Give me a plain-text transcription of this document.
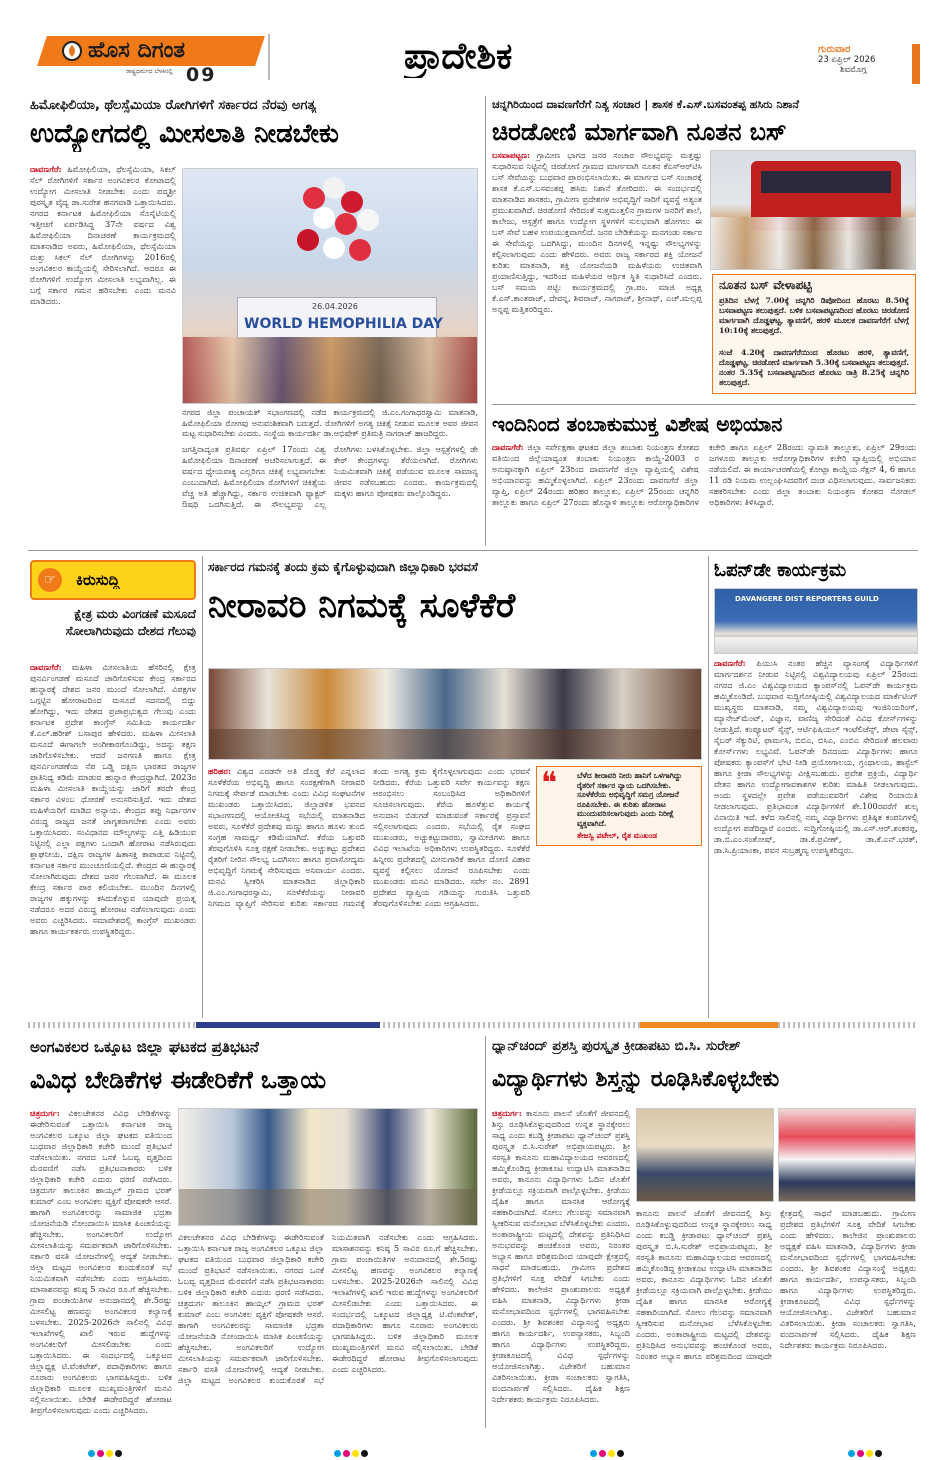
ಹೊಸ ದಿಗಂತ
ರಾಷ್ಟ್ರಧರ್ಮದ ಬೆಳಕಿನಲ್ಲಿ 09	ಪ್ರಾದೇಶಿಕ	ಗುರುವಾರ
23 ಏಪ್ರಿಲ್ 2026
ಶಿವಮೊಗ್ಗ
ಹಿಮೋಫಿಲಿಯಾ, ಥೆಲಸ್ಸೆಮಿಯಾ ರೋಗಿಗಳಿಗೆ ಸರ್ಕಾರದ ನೆರವು ಅಗತ್ಯ
ಉದ್ಯೋಗದಲ್ಲಿ ಮೀಸಲಾತಿ ನೀಡಬೇಕು
ದಾವಣಗೆರೆ: ಹಿಮೋಫಿಲಿಯಾ, ಥೆಲಸ್ಸೆಮಿಯಾ, ಸಿಕಲ್ ಸೆಲ್ ರೋಗಿಗಳಿಗೆ ಸರ್ಕಾರ ಅಂಗವಿಕಲರ ಕೋಟಾದಲ್ಲಿ ಉದ್ಯೋಗ ಮೀಸಲಾತಿ ನೀಡಬೇಕು ಎಂದು ಪದ್ಮಶ್ರೀ ಪುರಸ್ಕೃತ ವೈದ್ಯ ಡಾ.ಸುರೇಶ ಹನಗವಾಡಿ ಒತ್ತಾಯಿಸಿದರು. ನಗರದ ಕರ್ನಾಟಕ ಹಿಮೋಫಿಲಿಯಾ ಸೊಸೈಟಿಯಲ್ಲಿ ಇತ್ತೀಚಿಗೆ ಏರ್ಪಡಿಸಿದ್ದ 37ನೇ ವರ್ಷದ ವಿಶ್ವ ಹಿಮೋಫಿಲಿಯಾ ದಿನಾಚರಣೆ ಕಾರ್ಯಕ್ರಮದಲ್ಲಿ ಮಾತನಾಡಿದ ಅವರು, ಹಿಮೋಫಿಲಿಯಾ, ಥೆಲಸ್ಸೆಮಿಯಾ ಮತ್ತು ಸಿಕಲ್ ಸೆಲ್ ರೋಗಿಗಳನ್ನು 2016ರಲ್ಲಿ ಅಂಗವಿಕಲರ ಕಾಯ್ದೆಯಲ್ಲಿ ಸೇರಿಸಲಾಗಿದೆ. ಆದರೂ ಈ ರೋಗಿಗಳಿಗೆ ಉದ್ಯೋಗ ಮೀಸಲಾತಿ ಲಭ್ಯವಾಗಿಲ್ಲ. ಈ ಬಗ್ಗೆ ಸರ್ಕಾರ ಗಮನ ಹರಿಸಬೇಕು ಎಂದು ಮನವಿ ಮಾಡಿದರು.
26.04.2026
WORLD HEMOPHILIA DAY
ನಗರದ ಜಿಲ್ಲಾ ಪಂಚಾಯತ್ ಸಭಾಂಗಣದಲ್ಲಿ ನಡೆದ ಕಾರ್ಯಕ್ರಮದಲ್ಲಿ ಜಿ.ಎಂ.ಗಂಗಾಧರಸ್ವಾಮಿ ಮಾತನಾಡಿ, ಹಿಮೋಫಿಲಿಯಾ ರೋಗವು ಅನುವಂಶಿಕವಾಗಿ ಬರುತ್ತದೆ. ರೋಗಿಗಳಿಗೆ ಅಗತ್ಯ ಚಿಕಿತ್ಸೆ ನೀಡುವ ಮೂಲಕ ಅವರ ಜೀವನ ಮಟ್ಟ ಸುಧಾರಿಸಬೇಕು ಎಂದರು. ಸಂಸ್ಥೆಯ ಕಾರ್ಯದರ್ಶಿ ಡಾ.ಅಭಿಷೇಕ್ ಪ್ರತಿಮತ್ರಿ ನಾಗರಾಜ್ ಹಾಜರಿದ್ದರು.
ಜಗತ್ತಿನಾದ್ಯಂತ ಪ್ರತಿವರ್ಷ ಏಪ್ರಿಲ್ 17ರಂದು ವಿಶ್ವ ಹಿಮೋಫಿಲಿಯಾ ದಿನಾಚರಣೆ ಆಚರಿಸಲಾಗುತ್ತದೆ. ಈ ವರ್ಷದ ಧ್ಯೇಯವಾಕ್ಯ ಎಲ್ಲರಿಗೂ ಚಿಕಿತ್ಸೆ ಲಭ್ಯವಾಗಬೇಕು ಎಂಬುದಾಗಿದೆ. ಹಿಮೋಫಿಲಿಯಾ ರೋಗಿಗಳಿಗೆ ಚಿಕಿತ್ಸೆಯ ವೆಚ್ಚ ಅತಿ ಹೆಚ್ಚಾಗಿದ್ದು, ಸರ್ಕಾರ ಉಚಿತವಾಗಿ ಫ್ಯಾಕ್ಟರ್ ಔಷಧಿ ಒದಗಿಸುತ್ತಿದೆ. ಈ ಸೌಲಭ್ಯವನ್ನು ಎಲ್ಲ ರೋಗಿಗಳು ಬಳಸಿಕೊಳ್ಳಬೇಕು. ಜಿಲ್ಲಾ ಆಸ್ಪತ್ರೆಗಳಲ್ಲಿ ಡೇ ಕೇರ್ ಕೇಂದ್ರಗಳನ್ನು ತೆರೆಯಲಾಗಿದೆ. ರೋಗಿಗಳು ನಿಯಮಿತವಾಗಿ ಚಿಕಿತ್ಸೆ ಪಡೆಯುವ ಮೂಲಕ ಸಾಮಾನ್ಯ ಜೀವನ ನಡೆಸಬಹುದು ಎಂದರು. ಕಾರ್ಯಕ್ರಮದಲ್ಲಿ ಮಕ್ಕಳು ಹಾಗೂ ಪೋಷಕರು ಪಾಲ್ಗೊಂಡಿದ್ದರು.
ಚನ್ನಗಿರಿಯಿಂದ ದಾವಣಗೆರೆಗೆ ನಿತ್ಯ ಸಂಚಾರ | ಶಾಸಕ ಕೆ.ಎಸ್.ಬಸವಂತಪ್ಪ ಹಸಿರು ನಿಶಾನೆ
ಚಿರಡೋಣಿ ಮಾರ್ಗವಾಗಿ ನೂತನ ಬಸ್
ಬಸವಾಪಟ್ಟಣ: ಗ್ರಾಮೀಣ ಭಾಗದ ಜನರ ಸಂಚಾರ ಸೌಲಭ್ಯವನ್ನು ಮತ್ತಷ್ಟು ಸುಧಾರಿಸುವ ನಿಟ್ಟಿನಲ್ಲಿ ಚಿರಡೋಣಿ ಗ್ರಾಮದ ಮಾರ್ಗವಾಗಿ ನೂತನ ಕೆಎಸ್ಆರ್‌ಟಿಸಿ ಬಸ್ ಸೇವೆಯನ್ನು ಬುಧವಾರ ಪ್ರಾರಂಭಿಸಲಾಯಿತು. ಈ ಮಾರ್ಗದ ಬಸ್ ಸಂಚಾರಕ್ಕೆ ಶಾಸಕ ಕೆ.ಎಸ್.ಬಸವಂತಪ್ಪ ಹಸಿರು ನಿಶಾನೆ ತೋರಿದರು. ಈ ಸಂದರ್ಭದಲ್ಲಿ ಮಾತನಾಡಿದ ಶಾಸಕರು, ಗ್ರಾಮೀಣ ಪ್ರದೇಶಗಳ ಅಭಿವೃದ್ಧಿಗೆ ಸಾರಿಗೆ ವ್ಯವಸ್ಥೆ ಅತ್ಯಂತ ಪ್ರಮುಖವಾಗಿದೆ. ಚಿರಡೋಣಿ ಸೇರಿದಂತೆ ಸುತ್ತಮುತ್ತಲಿನ ಗ್ರಾಮಗಳ ಜನರಿಗೆ ಶಾಲೆ, ಕಾಲೇಜು, ಆಸ್ಪತ್ರೆಗೆ ಹಾಗೂ ಉದ್ಯೋಗ ಸ್ಥಳಗಳಿಗೆ ಸುಲಭವಾಗಿ ಹೋಗಲು ಈ ಬಸ್ ಸೇವೆ ಬಹಳ ಉಪಯುಕ್ತವಾಗಲಿದೆ. ಜನರ ಬೇಡಿಕೆಯನ್ನು ಮನಗಂಡು ಸರ್ಕಾರ ಈ ಸೇವೆಯನ್ನು ಒದಗಿಸಿದ್ದು, ಮುಂದಿನ ದಿನಗಳಲ್ಲಿ ಇನ್ನಷ್ಟು ಸೌಲಭ್ಯಗಳನ್ನು ಕಲ್ಪಿಸಲಾಗುವುದು ಎಂದು ಹೇಳಿದರು. ಅವರು ರಾಜ್ಯ ಸರ್ಕಾರದ ಶಕ್ತಿ ಯೋಜನೆ ಕುರಿತು ಮಾತನಾಡಿ, ಶಕ್ತಿ ಯೋಜನೆಯಡಿ ಮಹಿಳೆಯರು ಉಚಿತವಾಗಿ ಪ್ರಯಾಣಿಸುತ್ತಿದ್ದು, ಇದರಿಂದ ಮಹಿಳೆಯರ ಆರ್ಥಿಕ ಸ್ಥಿತಿ ಸುಧಾರಿಸಿದೆ ಎಂದರು. ಬಸ್ ಸಮಯ ಪಟ್ಟಿ: ಕಾರ್ಯಕ್ರಮದಲ್ಲಿ ಗ್ರಾ.ಪಂ. ಮಾಜಿ ಅಧ್ಯಕ್ಷ ಕೆ.ಎಸ್.ಕಾಂತರಾಜ್, ದೇವನ್ನ, ಶಿವರಾಜ್, ನಾಗರಾಜ್, ಶ್ರೀನಾಥ್, ಎಚ್.ಮಲ್ಲಪ್ಪ ಅನ್ನಪ್ಪ ಮತ್ತಿತರರಿದ್ದರು.
ನೂತನ ಬಸ್ ವೇಳಾಪಟ್ಟಿ
ಪ್ರತಿದಿನ ಬೆಳಗ್ಗೆ 7.00ಕ್ಕೆ ಚನ್ನಗಿರಿ ಡಿಪೋದಿಂದ ಹೊರಟು 8.50ಕ್ಕೆ ಬಸವಾಪಟ್ಟಣ ತಲುಪುತ್ತದೆ. ಬಳಿಕ ಬಸವಾಪಟ್ಟಣದಿಂದ ಹೊರಟು ಚಿರಡೋಣಿ ಮಾರ್ಗವಾಗಿ ದೊಡ್ಡಘಟ್ಟ, ತ್ಯಾವಣಿಗೆ, ಹರಳಿ ಮೂಲಕ ದಾವಣಗೆರೆಗೆ ಬೆಳಗ್ಗೆ 10:10ಕ್ಕೆ ತಲುಪುತ್ತದೆ.
ಸಂಜೆ 4.20ಕ್ಕೆ ದಾವಣಗೆರೆಯಿಂದ ಹೊರಟು ಹರಳಿ, ತ್ಯಾವಣಿಗೆ, ದೊಡ್ಡಘಟ್ಟ, ಚಿರಡೋಣಿ ಮಾರ್ಗವಾಗಿ 5.30ಕ್ಕೆ ಬಸವಾಪಟ್ಟಣ ತಲುಪುತ್ತದೆ. ನಂತರ 5.35ಕ್ಕೆ ಬಸವಾಪಟ್ಟಣದಿಂದ ಹೊರಟು ರಾತ್ರಿ 8.25ಕ್ಕೆ ಚನ್ನಗಿರಿ ತಲುಪುತ್ತದೆ.
ಇಂದಿನಿಂದ ತಂಬಾಕುಮುಕ್ತ ವಿಶೇಷ ಅಭಿಯಾನ
ದಾವಣಗೆರೆ: ಜಿಲ್ಲಾ ಸರ್ವೇಕ್ಷಣಾ ಘಟಕದ ಜಿಲ್ಲಾ ತಂಬಾಕು ನಿಯಂತ್ರಣ ಕೋಶದ ವತಿಯಿಂದ ಜಿಲ್ಲೆಯಾದ್ಯಂತ ತಂಬಾಕು ನಿಯಂತ್ರಣ ಕಾಯ್ದೆ-2003 ರ ಅನುಷ್ಠಾನಕ್ಕಾಗಿ ಏಪ್ರಿಲ್ 23ರಿಂದ ದಾವಣಗೆರೆ ಜಿಲ್ಲಾ ವ್ಯಾಪ್ತಿಯಲ್ಲಿ ವಿಶೇಷ ಅಭಿಯಾನವನ್ನು ಹಮ್ಮಿಕೊಳ್ಳಲಾಗಿದೆ. ಏಪ್ರಿಲ್ 23ರಂದು ದಾವಣಗೆರೆ ಜಿಲ್ಲಾ ವ್ಯಾಪ್ತಿ, ಏಪ್ರಿಲ್ 24ರಂದು ಹರಿಹರ ತಾಲ್ಲೂಕು, ಏಪ್ರಿಲ್ 25ರಂದು ಚನ್ನಗಿರಿ ತಾಲ್ಲೂಕು ಹಾಗೂ ಏಪ್ರಿಲ್ 27ರಂದು ಹೊನ್ನಾಳಿ ತಾಲ್ಲೂಕು ಆರೋಗ್ಯಾಧಿಕಾರಿಗಳ ಕಚೇರಿ ಹಾಗೂ ಏಪ್ರಿಲ್ 28ರಂದು ನ್ಯಾಮತಿ ತಾಲ್ಲೂಕು, ಏಪ್ರಿಲ್ 29ರಂದು ಜಗಳೂರು ತಾಲ್ಲೂಕು ಆರೋಗ್ಯಾಧಿಕಾರಿಗಳ ಕಚೇರಿ ವ್ಯಾಪ್ತಿಯಲ್ಲಿ ಅಭಿಯಾನ ನಡೆಯಲಿದೆ. ಈ ಕಾರ್ಯಾಚರಣೆಯಲ್ಲಿ ಕೋಟ್ಪಾ ಕಾಯ್ದೆಯ ಸೆಕ್ಷನ್ 4, 6 ಹಾಗೂ 11 ರಡಿ ನಿಯಮ ಉಲ್ಲಂಘಿಸಿದವರಿಗೆ ದಂಡ ವಿಧಿಸಲಾಗುವುದು. ಸಾರ್ವಜನಿಕರು ಸಹಕರಿಸಬೇಕು ಎಂದು ಜಿಲ್ಲಾ ತಂಬಾಕು ನಿಯಂತ್ರಣ ಕೋಶದ ನೋಡಲ್ ಅಧಿಕಾರಿಗಳು ತಿಳಿಸಿದ್ದಾರೆ.
☞	ಕಿರುಸುದ್ದಿ
ಕ್ಷೇತ್ರ ಮರು ವಿಂಗಡಣೆ ಮಸೂದೆ ಸೋಲಾಗಿರುವುದು ದೇಶದ ಗೆಲುವು
ದಾವಣಗೆರೆ: ಮಹಿಳಾ ಮೀಸಲಾತಿಯ ಹೆಸರಿನಲ್ಲಿ ಕ್ಷೇತ್ರ ಪುನರ್ವಿಂಗಡಣೆ ಮಸೂದೆ ಜಾರಿಗೊಳಿಸುವ ಕೇಂದ್ರ ಸರ್ಕಾರದ ಹುನ್ನಾರಕ್ಕೆ ದೇಶದ ಜನರ ಮುಂದೆ ಸೋಲಾಗಿದೆ. ವಿಪಕ್ಷಗಳ ಒಗ್ಗಟ್ಟಿನ ಹೋರಾಟದಿಂದ ಮಸೂದೆ ಸದನದಲ್ಲಿ ಬಿದ್ದು ಹೋಗಿದ್ದು, ಇದು ದೇಶದ ಪ್ರಜಾಪ್ರಭುತ್ವದ ಗೆಲುವು ಎಂದು ಕರ್ನಾಟಕ ಪ್ರದೇಶ ಕಾಂಗ್ರೆಸ್ ಸಮಿತಿಯ ಕಾರ್ಯದರ್ಶಿ ಕೆ.ಎಲ್.ಹರೀಶ್ ಬಸಾಪುರ ಹೇಳಿದರು. ಮಹಿಳಾ ಮೀಸಲಾತಿ ಮಸೂದೆ ಈಗಾಗಲೇ ಅಂಗೀಕಾರಗೊಂಡಿದ್ದು, ಅದನ್ನು ತಕ್ಷಣ ಜಾರಿಗೊಳಿಸಬೇಕು. ಆದರೆ ಜನಗಣತಿ ಹಾಗೂ ಕ್ಷೇತ್ರ ಪುನರ್ವಿಂಗಡಣೆಯ ನೆಪ ಒಡ್ಡಿ ದಕ್ಷಿಣ ಭಾರತದ ರಾಜ್ಯಗಳ ಪ್ರಾತಿನಿಧ್ಯ ಕಡಿಮೆ ಮಾಡುವ ಹುನ್ನಾರ ಕೇಂದ್ರದ್ದಾಗಿದೆ. 2023ರ ಮಹಿಳಾ ಮೀಸಲಾತಿ ಕಾಯ್ದೆಯನ್ನು ಜಾರಿಗೆ ತರದೇ ಕೇಂದ್ರ ಸರ್ಕಾರ ವಿಳಂಬ ಧೋರಣೆ ಅನುಸರಿಸುತ್ತಿದೆ. ಇದು ದೇಶದ ಮಹಿಳೆಯರಿಗೆ ಮಾಡಿದ ಅನ್ಯಾಯ. ಕೇಂದ್ರದ ತಪ್ಪು ನಿರ್ಧಾರಗಳ ವಿರುದ್ಧ ರಾಜ್ಯದ ಜನತೆ ಜಾಗೃತರಾಗಬೇಕು ಎಂದು ಅವರು ಒತ್ತಾಯಿಸಿದರು. ಸಂವಿಧಾನದ ಮೌಲ್ಯಗಳನ್ನು ಎತ್ತಿ ಹಿಡಿಯುವ ನಿಟ್ಟಿನಲ್ಲಿ ಎಲ್ಲಾ ಪಕ್ಷಗಳು ಒಂದಾಗಿ ಹೋರಾಟ ನಡೆಸಿರುವುದು ಶ್ಲಾಘನೀಯ. ದಕ್ಷಿಣ ರಾಜ್ಯಗಳ ಹಿತಾಸಕ್ತಿ ಕಾಪಾಡುವ ನಿಟ್ಟಿನಲ್ಲಿ ಕರ್ನಾಟಕ ಸರ್ಕಾರ ಮುಂಚೂಣಿಯಲ್ಲಿದೆ. ಕೇಂದ್ರದ ಈ ಹುನ್ನಾರಕ್ಕೆ ಸೋಲಾಗಿರುವುದು ದೇಶದ ಜನರ ಗೆಲುವಾಗಿದೆ. ಈ ಮೂಲಕ ಕೇಂದ್ರ ಸರ್ಕಾರ ಪಾಠ ಕಲಿಯಬೇಕು. ಮುಂದಿನ ದಿನಗಳಲ್ಲಿ ರಾಜ್ಯಗಳ ಹಕ್ಕುಗಳನ್ನು ಕಸಿದುಕೊಳ್ಳುವ ಯಾವುದೇ ಪ್ರಯತ್ನ ನಡೆದರೂ ಅದರ ವಿರುದ್ಧ ಹೋರಾಟ ನಡೆಸಲಾಗುವುದು ಎಂದು ಅವರು ಎಚ್ಚರಿಸಿದರು. ಸಮಾವೇಶದಲ್ಲಿ ಕಾಂಗ್ರೆಸ್ ಮುಖಂಡರು ಹಾಗೂ ಕಾರ್ಯಕರ್ತರು ಉಪಸ್ಥಿತರಿದ್ದರು.
ಸರ್ಕಾರದ ಗಮನಕ್ಕೆ ತಂದು ಕ್ರಮ ಕೈಗೊಳ್ಳುವುದಾಗಿ ಜಿಲ್ಲಾಧಿಕಾರಿ ಭರವಸೆ
ನೀರಾವರಿ ನಿಗಮಕ್ಕೆ ಸೂಳೆಕೆರೆ
ಹರಿಹರ: ವಿಶ್ವದ ಎರಡನೇ ಅತಿ ದೊಡ್ಡ ಕೆರೆ ಎನ್ನಲಾದ ಸೂಳೆಕೆರೆಯ ಅಭಿವೃದ್ಧಿ ಹಾಗೂ ಸಂರಕ್ಷಣೆಗಾಗಿ ನೀರಾವರಿ ನಿಗಮಕ್ಕೆ ಸೇರ್ಪಡೆ ಮಾಡಬೇಕು ಎಂದು ವಿವಿಧ ಸಂಘಟನೆಗಳ ಮುಖಂಡರು ಒತ್ತಾಯಿಸಿದರು. ಜಿಲ್ಲಾಡಳಿತ ಭವನದ ಸಭಾಂಗಣದಲ್ಲಿ ಆಯೋಜಿಸಿದ್ದ ಸಭೆಯಲ್ಲಿ ಮಾತನಾಡಿದ ಅವರು, ಸೂಳೆಕೆರೆ ಪ್ರದೇಶವು ಮಣ್ಣು ಹಾಗೂ ಹೂಳು ತುಂಬಿ ಸಂಗ್ರಹ ಸಾಮರ್ಥ್ಯ ಕಡಿಮೆಯಾಗಿದೆ. ಕೆರೆಯ ಒತ್ತುವರಿ ತೆರವುಗೊಳಿಸಿ ಸೂಕ್ತ ರಕ್ಷಣೆ ನೀಡಬೇಕು. ಅಚ್ಚುಕಟ್ಟು ಪ್ರದೇಶದ ರೈತರಿಗೆ ನೀರಿನ ಸೌಲಭ್ಯ ಒದಗಿಸಲು ಹಾಗೂ ಪ್ರವಾಸೋದ್ಯಮ ಅಭಿವೃದ್ಧಿಗೆ ನಿಗಮಕ್ಕೆ ಸೇರಿಸುವುದು ಅನಿವಾರ್ಯ ಎಂದರು. ಮನವಿ ಸ್ವೀಕರಿಸಿ ಮಾತನಾಡಿದ ಜಿಲ್ಲಾಧಿಕಾರಿ ಜಿ.ಎಂ.ಗಂಗಾಧರಸ್ವಾಮಿ, ಸೂಳೆಕೆರೆಯನ್ನು ನೀರಾವರಿ ನಿಗಮದ ವ್ಯಾಪ್ತಿಗೆ ಸೇರಿಸುವ ಕುರಿತು ಸರ್ಕಾರದ ಗಮನಕ್ಕೆ ತಂದು ಅಗತ್ಯ ಕ್ರಮ ಕೈಗೊಳ್ಳಲಾಗುವುದು ಎಂದು ಭರವಸೆ ನೀಡಿದರು. ಕೆರೆಯ ಒತ್ತುವರಿ ಸರ್ವೇ ಕಾರ್ಯವನ್ನು ತಕ್ಷಣ ಆರಂಭಿಸಲು ಸಂಬಂಧಿಸಿದ ಅಧಿಕಾರಿಗಳಿಗೆ ಸೂಚಿಸಲಾಗುವುದು. ಕೆರೆಯ ಹೂಳೆತ್ತುವ ಕಾರ್ಯಕ್ಕೆ ಅನುದಾನ ಬಿಡುಗಡೆ ಮಾಡುವಂತೆ ಸರ್ಕಾರಕ್ಕೆ ಪ್ರಸ್ತಾವನೆ ಸಲ್ಲಿಸಲಾಗುವುದು ಎಂದರು. ಸಭೆಯಲ್ಲಿ ರೈತ ಸಂಘದ ಮುಖಂಡರು, ಅಚ್ಚುಕಟ್ಟುದಾರರು, ಸ್ವಾಮೀಜಿಗಳು ಹಾಗೂ ವಿವಿಧ ಇಲಾಖೆಯ ಅಧಿಕಾರಿಗಳು ಉಪಸ್ಥಿತರಿದ್ದರು. ಸೂಳೆಕೆರೆ ಹಿನ್ನೀರು ಪ್ರದೇಶದಲ್ಲಿ ಮೀನುಗಾರಿಕೆ ಹಾಗೂ ದೋಣಿ ವಿಹಾರ ವ್ಯವಸ್ಥೆ ಕಲ್ಪಿಸಲು ಯೋಜನೆ ರೂಪಿಸಬೇಕು ಎಂದು ಮುಖಂಡರು ಮನವಿ ಮಾಡಿದರು. ಸರ್ವೇ ನಂ. 2891 ಪ್ರದೇಶದ ವ್ಯಾಪ್ತಿಯ ಗಡಿಯನ್ನು ಗುರುತಿಸಿ ಒತ್ತುವರಿ ತೆರವುಗೊಳಿಸಬೇಕು ಎಂದು ಆಗ್ರಹಿಸಿದರು.
❝	ಬೆಳೆದ ಶೀರಾವರಿ ನೀರು ಹಾನಿಗೆ ಒಳಗಾಗಿದ್ದು ರೈತರಿಗೆ ಸರ್ಕಾರ ನ್ಯಾಯ ಒದಗಿಸಬೇಕು. ಸೂಳೆಕೆರೆಯ ಅಭಿವೃದ್ಧಿಗೆ ಸಮಗ್ರ ಯೋಜನೆ ರೂಪಿಸಬೇಕು. ಈ ಕುರಿತು ಹೋರಾಟ ಮುಂದುವರಿಸಲಾಗುವುದು ಎಂದು ನಿರೀಕ್ಷೆ ವ್ಯಕ್ತವಾಗಿದೆ.
ತೇಜಸ್ವಿ ಪಟೇಲ್, ರೈತ ಮುಖಂಡ
ಓಪನ್‌ಡೇ ಕಾರ್ಯಕ್ರಮ
DAVANGERE DIST REPORTERS GUILD
ದಾವಣಗೆರೆ: ಪಿಯುಸಿ ನಂತರ ಹೆಚ್ಚಿನ ವ್ಯಾಸಂಗಕ್ಕೆ ವಿದ್ಯಾರ್ಥಿಗಳಿಗೆ ಮಾರ್ಗದರ್ಶನ ನೀಡುವ ನಿಟ್ಟಿನಲ್ಲಿ ವಿಶ್ವವಿದ್ಯಾಲಯವು ಏಪ್ರಿಲ್ 25ರಂದು ನಗರದ ಜಿ.ಎಂ ವಿಶ್ವವಿದ್ಯಾಲಯದ ಕ್ಯಾಂಪಸ್‌ನಲ್ಲಿ ಓಪನ್‌ಡೇ ಕಾರ್ಯಕ್ರಮ ಹಮ್ಮಿಕೊಂಡಿದೆ. ಬುಧವಾರ ಸುದ್ದಿಗೋಷ್ಠಿಯಲ್ಲಿ ವಿಶ್ವವಿದ್ಯಾಲಯದ ಮಾರ್ಕೆಟಿಂಗ್ ಮುಖ್ಯಸ್ಥರು ಮಾತನಾಡಿ, ನಮ್ಮ ವಿಶ್ವವಿದ್ಯಾಲಯವು ಇಂಜಿನಿಯರಿಂಗ್, ಮ್ಯಾನೇಜ್‌ಮೆಂಟ್, ವಿಜ್ಞಾನ, ವಾಣಿಜ್ಯ ಸೇರಿದಂತೆ ವಿವಿಧ ಕೋರ್ಸ್‌ಗಳನ್ನು ನೀಡುತ್ತಿದೆ. ಕಂಪ್ಯೂಟರ್ ಸೈನ್ಸ್, ಆರ್ಟಿಫಿಷಿಯಲ್ ಇಂಟೆಲಿಜೆನ್ಸ್, ಡೇಟಾ ಸೈನ್ಸ್, ಸೈಬರ್ ಸೆಕ್ಯುರಿಟಿ, ಫಾರ್ಮಸಿ, ಬಿಬಿಎ, ಬಿಸಿಎ, ಎಂಬಿಎ ಸೇರಿದಂತೆ ಹಲವಾರು ಕೋರ್ಸ್‌ಗಳು ಲಭ್ಯವಿವೆ. ಓಪನ್‌ಡೇ ದಿನದಂದು ವಿದ್ಯಾರ್ಥಿಗಳು ಹಾಗೂ ಪೋಷಕರು ಕ್ಯಾಂಪಸ್‌ಗೆ ಭೇಟಿ ನೀಡಿ ಪ್ರಯೋಗಾಲಯ, ಗ್ರಂಥಾಲಯ, ಹಾಸ್ಟೆಲ್ ಹಾಗೂ ಕ್ರೀಡಾ ಸೌಲಭ್ಯಗಳನ್ನು ವೀಕ್ಷಿಸಬಹುದು. ಪ್ರವೇಶ ಪ್ರಕ್ರಿಯೆ, ವಿದ್ಯಾರ್ಥಿ ವೇತನ ಹಾಗೂ ಉದ್ಯೋಗಾವಕಾಶಗಳ ಕುರಿತು ಮಾಹಿತಿ ನೀಡಲಾಗುವುದು. ಅಂದು ಸ್ಥಳದಲ್ಲೇ ಪ್ರವೇಶ ಪಡೆಯುವವರಿಗೆ ವಿಶೇಷ ರಿಯಾಯಿತಿ ನೀಡಲಾಗುವುದು. ಪ್ರತಿಭಾವಂತ ವಿದ್ಯಾರ್ಥಿಗಳಿಗೆ ಶೇ.100ರವರೆಗೆ ಶುಲ್ಕ ವಿನಾಯಿತಿ ಇದೆ. ಕಳೆದ ಸಾಲಿನಲ್ಲಿ ನಮ್ಮ ವಿದ್ಯಾರ್ಥಿಗಳು ಪ್ರತಿಷ್ಠಿತ ಕಂಪನಿಗಳಲ್ಲಿ ಉದ್ಯೋಗ ಪಡೆದಿದ್ದಾರೆ ಎಂದರು. ಸುದ್ದಿಗೋಷ್ಠಿಯಲ್ಲಿ ಡಾ.ಎಸ್.ಆರ್.ಶಂಕರಪ್ಪ, ಡಾ.ಬಿ.ಎಂ.ಸಂತೋಷ್, ಡಾ.ಕೆ.ಪ್ರವೀಣ್, ಡಾ.ಕೆ.ಎನ್.ಭರತ್, ಡಾ.ಸಿ.ಪ್ರಿಯಾಂಕಾ, ಪವನ ಸುಬ್ರಹ್ಮಣ್ಯ ಉಪಸ್ಥಿತರಿದ್ದರು.
ಅಂಗವಿಕಲರ ಒಕ್ಕೂಟ ಜಿಲ್ಲಾ ಘಟಕದ ಪ್ರತಿಭಟನೆ
ವಿವಿಧ ಬೇಡಿಕೆಗಳ ಈಡೇರಿಕೆಗೆ ಒತ್ತಾಯ
ಚಿತ್ರದುರ್ಗ: ವಿಕಲಚೇತನರ ವಿವಿಧ ಬೇಡಿಕೆಗಳನ್ನು ಈಡೇರಿಸುವಂತೆ ಒತ್ತಾಯಿಸಿ ಕರ್ನಾಟಕ ರಾಜ್ಯ ಅಂಗವಿಕಲರ ಒಕ್ಕೂಟ ಜಿಲ್ಲಾ ಘಟಕದ ವತಿಯಿಂದ ಬುಧವಾರ ಜಿಲ್ಲಾಧಿಕಾರಿ ಕಚೇರಿ ಮುಂದೆ ಪ್ರತಿಭಟನೆ ನಡೆಸಲಾಯಿತು. ನಗರದ ಒನಕೆ ಓಬವ್ವ ವೃತ್ತದಿಂದ ಮೆರವಣಿಗೆ ನಡೆಸಿ ಪ್ರತಿಭಟನಾಕಾರರು ಬಳಿಕ ಜಿಲ್ಲಾಧಿಕಾರಿ ಕಚೇರಿ ಎದುರು ಧರಣಿ ನಡೆಸಿದರು. ಚಿತ್ರದುರ್ಗ ತಾಲೂಕಿನ ಹಾಯ್ಕಲ್ ಗ್ರಾಮದ ಭರತ್ ಕುಮಾರ್ ಎಂಬ ಅಂಗವಿಕಲ ವ್ಯಕ್ತಿಗೆ ಪೋಷಕರೇ ಆಸರೆ. ಹಾಗಾಗಿ ಅಂಗವಿಕಲರನ್ನು ಸಾಮಾಜಿಕ ಭದ್ರತಾ ಯೋಜನೆಯಡಿ ನೋಂದಾಯಿಸಿ ಮಾಸಿಕ ಪಿಂಚಣಿಯನ್ನು ಹೆಚ್ಚಿಸಬೇಕು. ಅಂಗವಿಕಲರಿಗೆ ಉದ್ಯೋಗ ಮೀಸಲಾತಿಯನ್ನು ಸಮರ್ಪಕವಾಗಿ ಜಾರಿಗೊಳಿಸಬೇಕು. ಸರ್ಕಾರಿ ವಸತಿ ಯೋಜನೆಗಳಲ್ಲಿ ಆದ್ಯತೆ ನೀಡಬೇಕು. ಜಿಲ್ಲಾ ಮಟ್ಟದ ಅಂಗವಿಕಲರ ಕುಂದುಕೊರತೆ ಸಭೆ ನಿಯಮಿತವಾಗಿ ನಡೆಸಬೇಕು ಎಂದು ಆಗ್ರಹಿಸಿದರು. ಮಾಸಾಶನವನ್ನು ಕನಿಷ್ಠ 5 ಸಾವಿರ ರೂ.ಗೆ ಹೆಚ್ಚಿಸಬೇಕು. ಗ್ರಾಮ ಪಂಚಾಯಿತಿಗಳ ಅನುದಾನದಲ್ಲಿ ಶೇ.5ರಷ್ಟು ಮೀಸಲಿಟ್ಟ ಹಣವನ್ನು ಅಂಗವಿಕಲರ ಕಲ್ಯಾಣಕ್ಕೆ ಬಳಸಬೇಕು. 2025-2026ನೇ ಸಾಲಿನಲ್ಲಿ ವಿವಿಧ ಇಲಾಖೆಗಳಲ್ಲಿ ಖಾಲಿ ಇರುವ ಹುದ್ದೆಗಳನ್ನು ಅಂಗವಿಕಲರಿಗೆ ಮೀಸಲಿಡಬೇಕು ಎಂದು ಒತ್ತಾಯಿಸಿದರು. ಈ ಸಂದರ್ಭದಲ್ಲಿ ಒಕ್ಕೂಟದ ಜಿಲ್ಲಾಧ್ಯಕ್ಷ ಟಿ.ವೆಂಕಟೇಶ್, ಪದಾಧಿಕಾರಿಗಳು ಹಾಗೂ ನೂರಾರು ಅಂಗವಿಕಲರು ಭಾಗವಹಿಸಿದ್ದರು. ಬಳಿಕ ಜಿಲ್ಲಾಧಿಕಾರಿ ಮೂಲಕ ಮುಖ್ಯಮಂತ್ರಿಗಳಿಗೆ ಮನವಿ ಸಲ್ಲಿಸಲಾಯಿತು. ಬೇಡಿಕೆ ಈಡೇರದಿದ್ದರೆ ಹೋರಾಟ ತೀವ್ರಗೊಳಿಸಲಾಗುವುದು ಎಂದು ಎಚ್ಚರಿಸಿದರು.
ವಿಕಲಚೇತನರ ವಿವಿಧ ಬೇಡಿಕೆಗಳನ್ನು ಈಡೇರಿಸುವಂತೆ ಒತ್ತಾಯಿಸಿ ಕರ್ನಾಟಕ ರಾಜ್ಯ ಅಂಗವಿಕಲರ ಒಕ್ಕೂಟ ಜಿಲ್ಲಾ ಘಟಕದ ವತಿಯಿಂದ ಬುಧವಾರ ಜಿಲ್ಲಾಧಿಕಾರಿ ಕಚೇರಿ ಮುಂದೆ ಪ್ರತಿಭಟನೆ ನಡೆಸಲಾಯಿತು. ನಗರದ ಒನಕೆ ಓಬವ್ವ ವೃತ್ತದಿಂದ ಮೆರವಣಿಗೆ ನಡೆಸಿ ಪ್ರತಿಭಟನಾಕಾರರು ಬಳಿಕ ಜಿಲ್ಲಾಧಿಕಾರಿ ಕಚೇರಿ ಎದುರು ಧರಣಿ ನಡೆಸಿದರು. ಚಿತ್ರದುರ್ಗ ತಾಲೂಕಿನ ಹಾಯ್ಕಲ್ ಗ್ರಾಮದ ಭರತ್ ಕುಮಾರ್ ಎಂಬ ಅಂಗವಿಕಲ ವ್ಯಕ್ತಿಗೆ ಪೋಷಕರೇ ಆಸರೆ. ಹಾಗಾಗಿ ಅಂಗವಿಕಲರನ್ನು ಸಾಮಾಜಿಕ ಭದ್ರತಾ ಯೋಜನೆಯಡಿ ನೋಂದಾಯಿಸಿ ಮಾಸಿಕ ಪಿಂಚಣಿಯನ್ನು ಹೆಚ್ಚಿಸಬೇಕು. ಅಂಗವಿಕಲರಿಗೆ ಉದ್ಯೋಗ ಮೀಸಲಾತಿಯನ್ನು ಸಮರ್ಪಕವಾಗಿ ಜಾರಿಗೊಳಿಸಬೇಕು. ಸರ್ಕಾರಿ ವಸತಿ ಯೋಜನೆಗಳಲ್ಲಿ ಆದ್ಯತೆ ನೀಡಬೇಕು. ಜಿಲ್ಲಾ ಮಟ್ಟದ ಅಂಗವಿಕಲರ ಕುಂದುಕೊರತೆ ಸಭೆ ನಿಯಮಿತವಾಗಿ ನಡೆಸಬೇಕು ಎಂದು ಆಗ್ರಹಿಸಿದರು. ಮಾಸಾಶನವನ್ನು ಕನಿಷ್ಠ 5 ಸಾವಿರ ರೂ.ಗೆ ಹೆಚ್ಚಿಸಬೇಕು. ಗ್ರಾಮ ಪಂಚಾಯಿತಿಗಳ ಅನುದಾನದಲ್ಲಿ ಶೇ.5ರಷ್ಟು ಮೀಸಲಿಟ್ಟ ಹಣವನ್ನು ಅಂಗವಿಕಲರ ಕಲ್ಯಾಣಕ್ಕೆ ಬಳಸಬೇಕು. 2025-2026ನೇ ಸಾಲಿನಲ್ಲಿ ವಿವಿಧ ಇಲಾಖೆಗಳಲ್ಲಿ ಖಾಲಿ ಇರುವ ಹುದ್ದೆಗಳನ್ನು ಅಂಗವಿಕಲರಿಗೆ ಮೀಸಲಿಡಬೇಕು ಎಂದು ಒತ್ತಾಯಿಸಿದರು. ಈ ಸಂದರ್ಭದಲ್ಲಿ ಒಕ್ಕೂಟದ ಜಿಲ್ಲಾಧ್ಯಕ್ಷ ಟಿ.ವೆಂಕಟೇಶ್, ಪದಾಧಿಕಾರಿಗಳು ಹಾಗೂ ನೂರಾರು ಅಂಗವಿಕಲರು ಭಾಗವಹಿಸಿದ್ದರು. ಬಳಿಕ ಜಿಲ್ಲಾಧಿಕಾರಿ ಮೂಲಕ ಮುಖ್ಯಮಂತ್ರಿಗಳಿಗೆ ಮನವಿ ಸಲ್ಲಿಸಲಾಯಿತು. ಬೇಡಿಕೆ ಈಡೇರದಿದ್ದರೆ ಹೋರಾಟ ತೀವ್ರಗೊಳಿಸಲಾಗುವುದು ಎಂದು ಎಚ್ಚರಿಸಿದರು.
ಧ್ಯಾನ್‌ಚಂದ್ ಪ್ರಶಸ್ತಿ ಪುರಸ್ಕೃತ ಕ್ರೀಡಾಪಟು ಬಿ.ಸಿ. ಸುರೇಶ್
ವಿದ್ಯಾರ್ಥಿಗಳು ಶಿಸ್ತನ್ನು ರೂಢಿಸಿಕೊಳ್ಳಬೇಕು
ಚಿತ್ರದುರ್ಗ: ಕಾನೂನು ಪಾಲನೆ ಜೊತೆಗೆ ಜೀವನದಲ್ಲಿ ಶಿಸ್ತು ರೂಢಿಸಿಕೊಳ್ಳುವುದರಿಂದ ಉನ್ನತ ಸ್ಥಾನಕ್ಕೇರಲು ಸಾಧ್ಯ ಎಂದು ಕಬಡ್ಡಿ ಕ್ರೀಡಾಪಟು ಧ್ಯಾನ್‌ಚಂದ್ ಪ್ರಶಸ್ತಿ ಪುರಸ್ಕೃತ ಬಿ.ಸಿ.ಸುರೇಶ್ ಅಭಿಪ್ರಾಯಪಟ್ಟರು. ಶ್ರೀ ಸರಸ್ವತಿ ಕಾನೂನು ಮಹಾವಿದ್ಯಾಲಯದ ಆವರಣದಲ್ಲಿ ಹಮ್ಮಿಕೊಂಡಿದ್ದ ಕ್ರೀಡಾಕೂಟ ಉದ್ಘಾಟಿಸಿ ಮಾತನಾಡಿದ ಅವರು, ಕಾನೂನು ವಿದ್ಯಾರ್ಥಿಗಳು ಓದಿನ ಜೊತೆಗೆ ಕ್ರೀಡೆಯಲ್ಲೂ ಸಕ್ರಿಯವಾಗಿ ಪಾಲ್ಗೊಳ್ಳಬೇಕು. ಕ್ರೀಡೆಯು ದೈಹಿಕ ಹಾಗೂ ಮಾನಸಿಕ ಆರೋಗ್ಯಕ್ಕೆ ಸಹಕಾರಿಯಾಗಿದೆ. ಸೋಲು ಗೆಲುವನ್ನು ಸಮಾನವಾಗಿ ಸ್ವೀಕರಿಸುವ ಮನೋಭಾವ ಬೆಳೆಸಿಕೊಳ್ಳಬೇಕು ಎಂದರು. ಅಂತಾರಾಷ್ಟ್ರೀಯ ಮಟ್ಟದಲ್ಲಿ ದೇಶವನ್ನು ಪ್ರತಿನಿಧಿಸಿದ ಅನುಭವವನ್ನು ಹಂಚಿಕೊಂಡ ಅವರು, ನಿರಂತರ ಅಭ್ಯಾಸ ಹಾಗೂ ಪರಿಶ್ರಮದಿಂದ ಯಾವುದೇ ಕ್ಷೇತ್ರದಲ್ಲಿ ಸಾಧನೆ ಮಾಡಬಹುದು. ಗ್ರಾಮೀಣ ಪ್ರದೇಶದ ಪ್ರತಿಭೆಗಳಿಗೆ ಸೂಕ್ತ ವೇದಿಕೆ ಸಿಗಬೇಕು ಎಂದು ಹೇಳಿದರು. ಕಾಲೇಜಿನ ಪ್ರಾಂಶುಪಾಲರು ಅಧ್ಯಕ್ಷತೆ ವಹಿಸಿ ಮಾತನಾಡಿ, ವಿದ್ಯಾರ್ಥಿಗಳು ಕ್ರೀಡಾ ಮನೋಭಾವದಿಂದ ಸ್ಪರ್ಧೆಗಳಲ್ಲಿ ಭಾಗವಹಿಸಬೇಕು ಎಂದರು. ಶ್ರೀ ಶಿವಶಂಕರ ವಿದ್ಯಾಸಂಸ್ಥೆ ಅಧ್ಯಕ್ಷರು ಹಾಗೂ ಕಾರ್ಯದರ್ಶಿ, ಉಪನ್ಯಾಸಕರು, ಸಿಬ್ಬಂದಿ ಹಾಗೂ ವಿದ್ಯಾರ್ಥಿಗಳು ಉಪಸ್ಥಿತರಿದ್ದರು. ಕ್ರೀಡಾಕೂಟದಲ್ಲಿ ವಿವಿಧ ಸ್ಪರ್ಧೆಗಳನ್ನು ಆಯೋಜಿಸಲಾಗಿತ್ತು. ವಿಜೇತರಿಗೆ ಬಹುಮಾನ ವಿತರಿಸಲಾಯಿತು. ಕ್ರೀಡಾ ಸಂಚಾಲಕರು ಸ್ವಾಗತಿಸಿ, ವಂದನಾರ್ಪಣೆ ಸಲ್ಲಿಸಿದರು. ದೈಹಿಕ ಶಿಕ್ಷಣ ನಿರ್ದೇಶಕರು ಕಾರ್ಯಕ್ರಮ ನಿರೂಪಿಸಿದರು.
ಕಾನೂನು ಪಾಲನೆ ಜೊತೆಗೆ ಜೀವನದಲ್ಲಿ ಶಿಸ್ತು ರೂಢಿಸಿಕೊಳ್ಳುವುದರಿಂದ ಉನ್ನತ ಸ್ಥಾನಕ್ಕೇರಲು ಸಾಧ್ಯ ಎಂದು ಕಬಡ್ಡಿ ಕ್ರೀಡಾಪಟು ಧ್ಯಾನ್‌ಚಂದ್ ಪ್ರಶಸ್ತಿ ಪುರಸ್ಕೃತ ಬಿ.ಸಿ.ಸುರೇಶ್ ಅಭಿಪ್ರಾಯಪಟ್ಟರು. ಶ್ರೀ ಸರಸ್ವತಿ ಕಾನೂನು ಮಹಾವಿದ್ಯಾಲಯದ ಆವರಣದಲ್ಲಿ ಹಮ್ಮಿಕೊಂಡಿದ್ದ ಕ್ರೀಡಾಕೂಟ ಉದ್ಘಾಟಿಸಿ ಮಾತನಾಡಿದ ಅವರು, ಕಾನೂನು ವಿದ್ಯಾರ್ಥಿಗಳು ಓದಿನ ಜೊತೆಗೆ ಕ್ರೀಡೆಯಲ್ಲೂ ಸಕ್ರಿಯವಾಗಿ ಪಾಲ್ಗೊಳ್ಳಬೇಕು. ಕ್ರೀಡೆಯು ದೈಹಿಕ ಹಾಗೂ ಮಾನಸಿಕ ಆರೋಗ್ಯಕ್ಕೆ ಸಹಕಾರಿಯಾಗಿದೆ. ಸೋಲು ಗೆಲುವನ್ನು ಸಮಾನವಾಗಿ ಸ್ವೀಕರಿಸುವ ಮನೋಭಾವ ಬೆಳೆಸಿಕೊಳ್ಳಬೇಕು ಎಂದರು. ಅಂತಾರಾಷ್ಟ್ರೀಯ ಮಟ್ಟದಲ್ಲಿ ದೇಶವನ್ನು ಪ್ರತಿನಿಧಿಸಿದ ಅನುಭವವನ್ನು ಹಂಚಿಕೊಂಡ ಅವರು, ನಿರಂತರ ಅಭ್ಯಾಸ ಹಾಗೂ ಪರಿಶ್ರಮದಿಂದ ಯಾವುದೇ ಕ್ಷೇತ್ರದಲ್ಲಿ ಸಾಧನೆ ಮಾಡಬಹುದು. ಗ್ರಾಮೀಣ ಪ್ರದೇಶದ ಪ್ರತಿಭೆಗಳಿಗೆ ಸೂಕ್ತ ವೇದಿಕೆ ಸಿಗಬೇಕು ಎಂದು ಹೇಳಿದರು. ಕಾಲೇಜಿನ ಪ್ರಾಂಶುಪಾಲರು ಅಧ್ಯಕ್ಷತೆ ವಹಿಸಿ ಮಾತನಾಡಿ, ವಿದ್ಯಾರ್ಥಿಗಳು ಕ್ರೀಡಾ ಮನೋಭಾವದಿಂದ ಸ್ಪರ್ಧೆಗಳಲ್ಲಿ ಭಾಗವಹಿಸಬೇಕು ಎಂದರು. ಶ್ರೀ ಶಿವಶಂಕರ ವಿದ್ಯಾಸಂಸ್ಥೆ ಅಧ್ಯಕ್ಷರು ಹಾಗೂ ಕಾರ್ಯದರ್ಶಿ, ಉಪನ್ಯಾಸಕರು, ಸಿಬ್ಬಂದಿ ಹಾಗೂ ವಿದ್ಯಾರ್ಥಿಗಳು ಉಪಸ್ಥಿತರಿದ್ದರು. ಕ್ರೀಡಾಕೂಟದಲ್ಲಿ ವಿವಿಧ ಸ್ಪರ್ಧೆಗಳನ್ನು ಆಯೋಜಿಸಲಾಗಿತ್ತು. ವಿಜೇತರಿಗೆ ಬಹುಮಾನ ವಿತರಿಸಲಾಯಿತು. ಕ್ರೀಡಾ ಸಂಚಾಲಕರು ಸ್ವಾಗತಿಸಿ, ವಂದನಾರ್ಪಣೆ ಸಲ್ಲಿಸಿದರು. ದೈಹಿಕ ಶಿಕ್ಷಣ ನಿರ್ದೇಶಕರು ಕಾರ್ಯಕ್ರಮ ನಿರೂಪಿಸಿದರು.
